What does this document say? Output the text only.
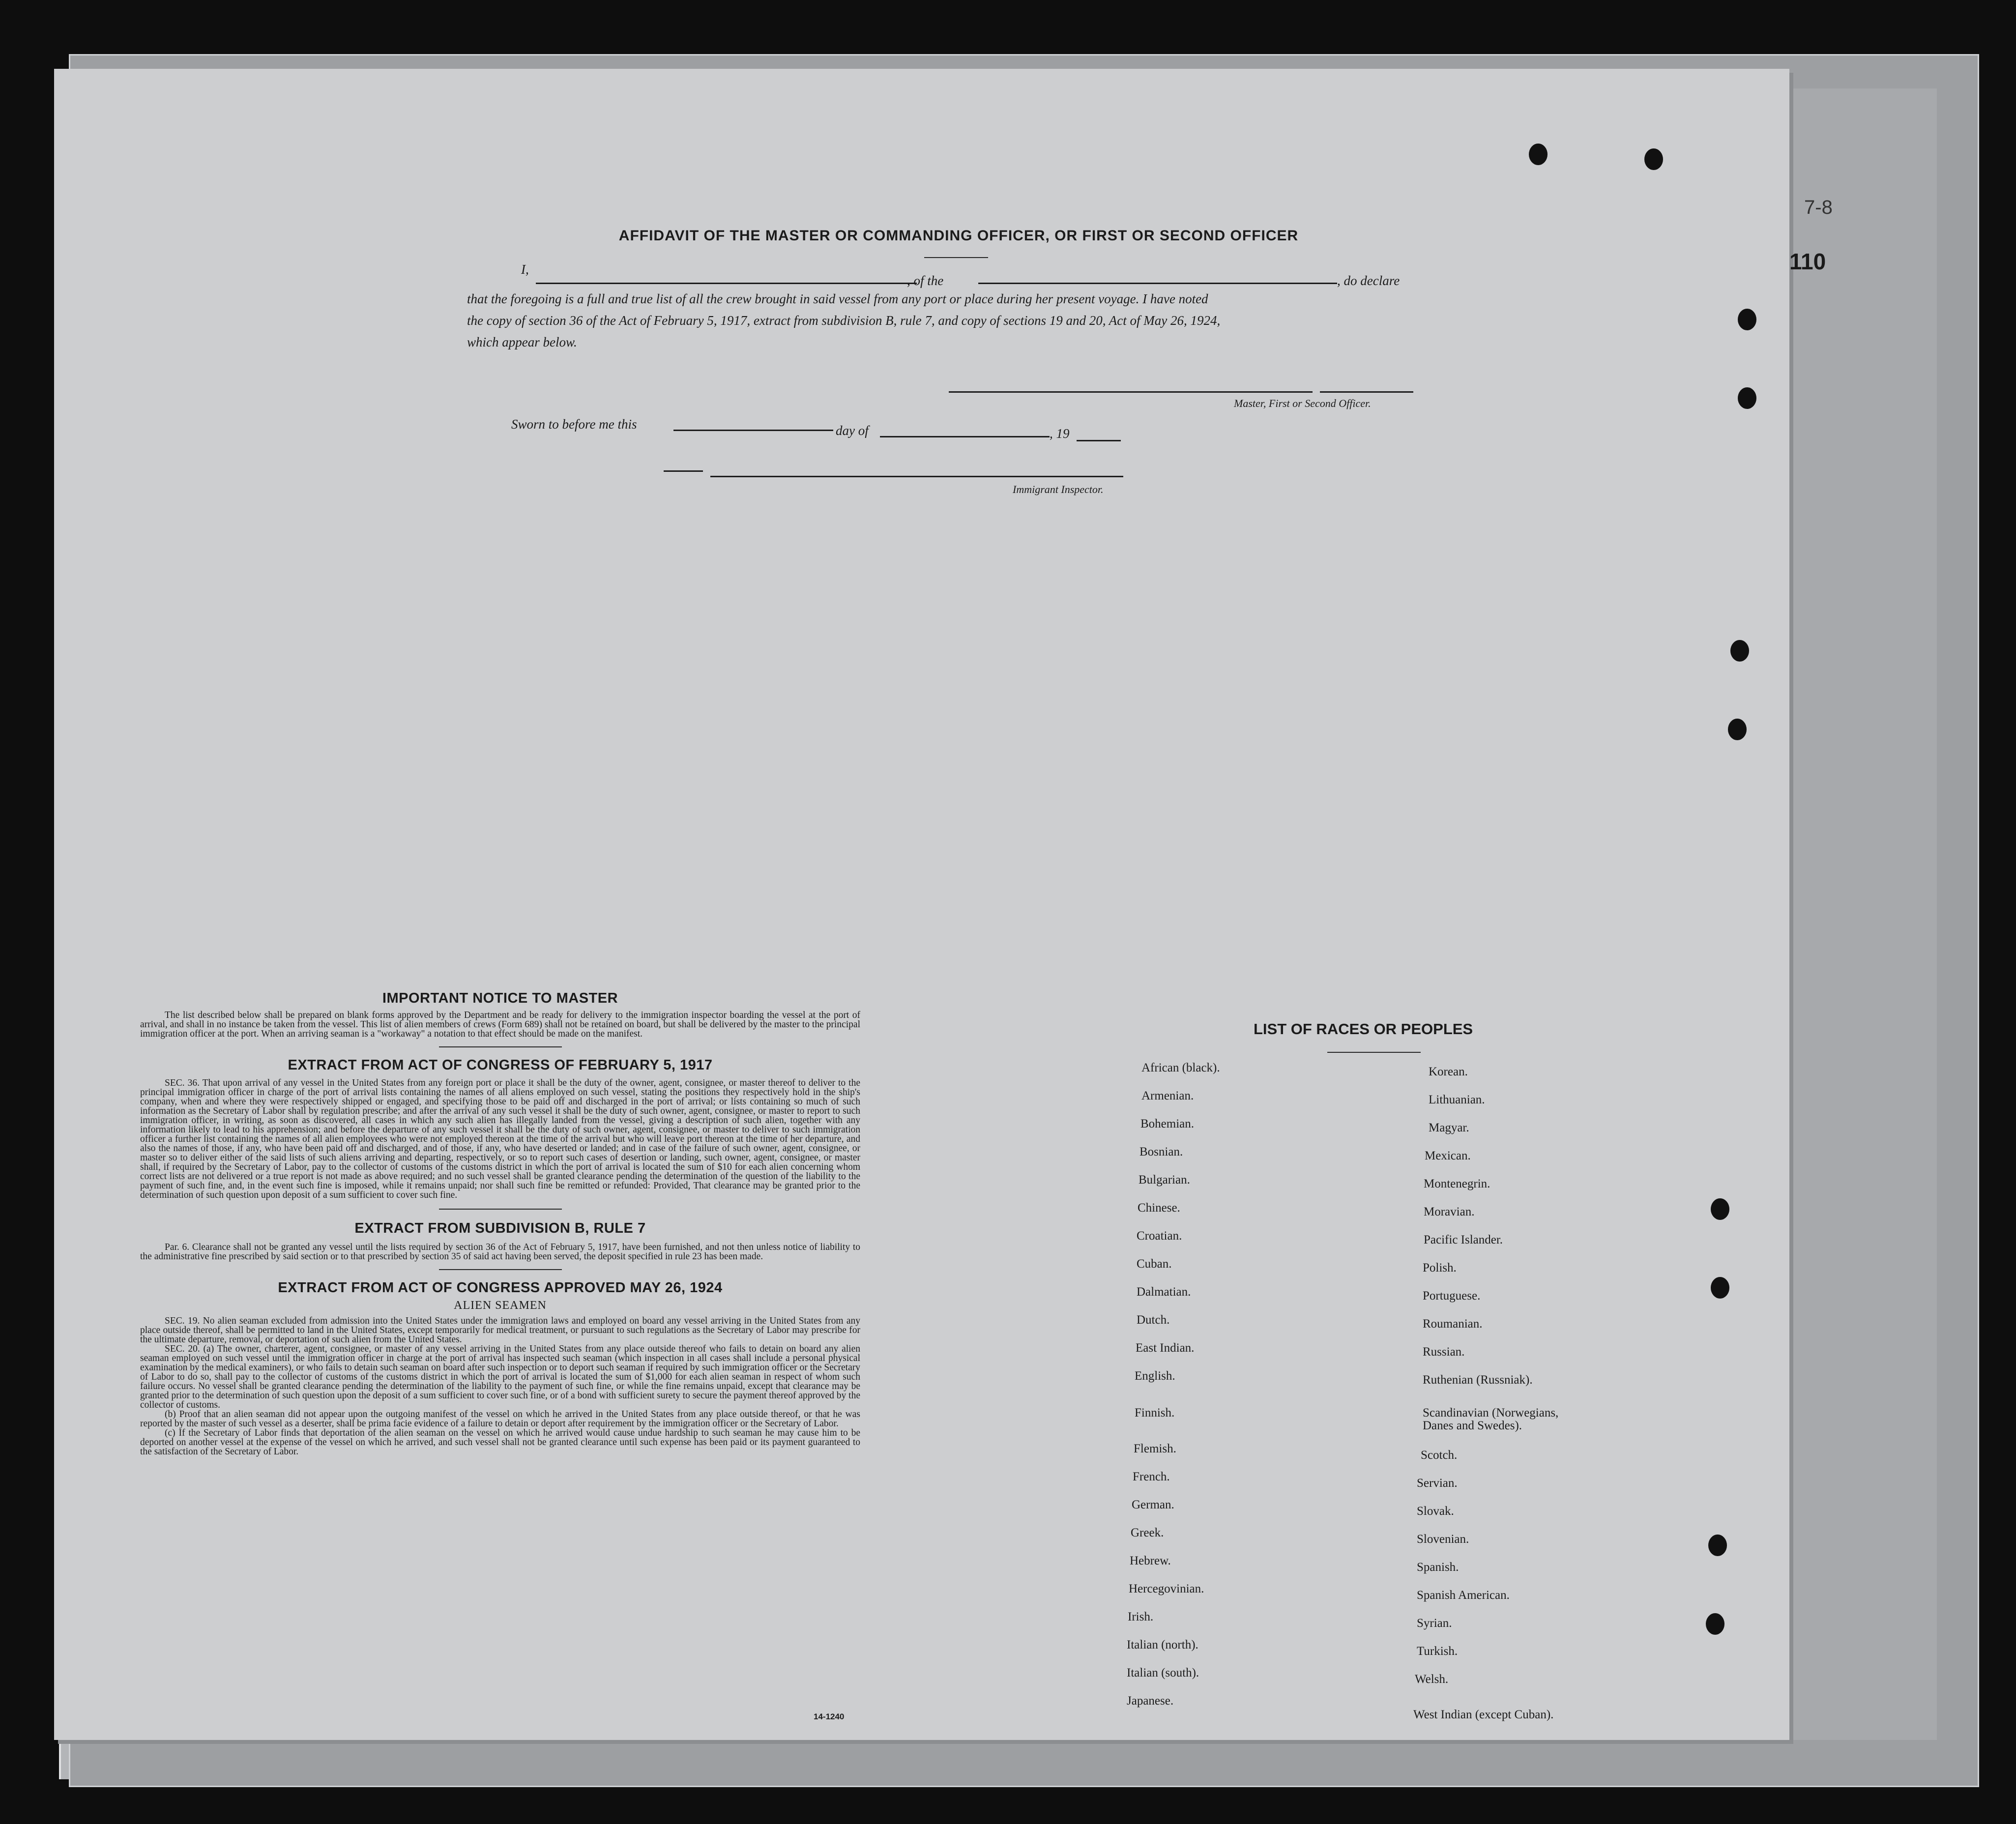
110
7-8
AFFIDAVIT OF THE MASTER OR COMMANDING OFFICER, OR FIRST OR SECOND OFFICER
I,
, of the	, do declare
that the foregoing is a full and true list of all the crew brought in said vessel from any port or place during her present voyage. I have noted
the copy of section 36 of the Act of February 5, 1917, extract from subdivision B, rule 7, and copy of sections 19 and 20, Act of May 26, 1924,
which appear below.
Master, First or Second Officer.
Sworn to before me this	day of	, 19
Immigrant Inspector.
IMPORTANT NOTICE TO MASTER

The list described below shall be prepared on blank forms approved by the Department and be ready for delivery to the immigration inspector boarding the vessel at the port of arrival, and shall in no instance be taken from the vessel. This list of alien members of crews (Form 689) shall not be retained on board, but shall be delivered by the master to the principal immigration officer at the port. When an arriving seaman is a "workaway" a notation to that effect should be made on the manifest.

EXTRACT FROM ACT OF CONGRESS OF FEBRUARY 5, 1917

SEC. 36. That upon arrival of any vessel in the United States from any foreign port or place it shall be the duty of the owner, agent, consignee, or master thereof to deliver to the principal immigration officer in charge of the port of arrival lists containing the names of all aliens employed on such vessel, stating the positions they respectively hold in the ship's company, when and where they were respectively shipped or engaged, and specifying those to be paid off and discharged in the port of arrival; or lists containing so much of such information as the Secretary of Labor shall by regulation prescribe; and after the arrival of any such vessel it shall be the duty of such owner, agent, consignee, or master to report to such immigration officer, in writing, as soon as discovered, all cases in which any such alien has illegally landed from the vessel, giving a description of such alien, together with any information likely to lead to his apprehension; and before the departure of any such vessel it shall be the duty of such owner, agent, consignee, or master to deliver to such immigration officer a further list containing the names of all alien employees who were not employed thereon at the time of the arrival but who will leave port thereon at the time of her departure, and also the names of those, if any, who have been paid off and discharged, and of those, if any, who have deserted or landed; and in case of the failure of such owner, agent, consignee, or master so to deliver either of the said lists of such aliens arriving and departing, respectively, or so to report such cases of desertion or landing, such owner, agent, consignee, or master shall, if required by the Secretary of Labor, pay to the collector of customs of the customs district in which the port of arrival is located the sum of $10 for each alien concerning whom correct lists are not delivered or a true report is not made as above required; and no such vessel shall be granted clearance pending the determination of the question of the liability to the payment of such fine, and, in the event such fine is imposed, while it remains unpaid; nor shall such fine be remitted or refunded: Provided, That clearance may be granted prior to the determination of such question upon deposit of a sum sufficient to cover such fine.

EXTRACT FROM SUBDIVISION B, RULE 7

Par. 6. Clearance shall not be granted any vessel until the lists required by section 36 of the Act of February 5, 1917, have been furnished, and not then unless notice of liability to the administrative fine prescribed by said section or to that prescribed by section 35 of said act having been served, the deposit specified in rule 23 has been made.

EXTRACT FROM ACT OF CONGRESS APPROVED MAY 26, 1924
ALIEN SEAMEN

SEC. 19. No alien seaman excluded from admission into the United States under the immigration laws and employed on board any vessel arriving in the United States from any place outside thereof, shall be permitted to land in the United States, except temporarily for medical treatment, or pursuant to such regulations as the Secretary of Labor may prescribe for the ultimate departure, removal, or deportation of such alien from the United States.

SEC. 20. (a) The owner, charterer, agent, consignee, or master of any vessel arriving in the United States from any place outside thereof who fails to detain on board any alien seaman employed on such vessel until the immigration officer in charge at the port of arrival has inspected such seaman (which inspection in all cases shall include a personal physical examination by the medical examiners), or who fails to detain such seaman on board after such inspection or to deport such seaman if required by such immigration officer or the Secretary of Labor to do so, shall pay to the collector of customs of the customs district in which the port of arrival is located the sum of $1,000 for each alien seaman in respect of whom such failure occurs. No vessel shall be granted clearance pending the determination of the liability to the payment of such fine, or while the fine remains unpaid, except that clearance may be granted prior to the determination of such question upon the deposit of a sum sufficient to cover such fine, or of a bond with sufficient surety to secure the payment thereof approved by the collector of customs.

(b) Proof that an alien seaman did not appear upon the outgoing manifest of the vessel on which he arrived in the United States from any place outside thereof, or that he was reported by the master of such vessel as a deserter, shall be prima facie evidence of a failure to detain or deport after requirement by the immigration officer or the Secretary of Labor.

(c) If the Secretary of Labor finds that deportation of the alien seaman on the vessel on which he arrived would cause undue hardship to such seaman he may cause him to be deported on another vessel at the expense of the vessel on which he arrived, and such vessel shall not be granted clearance until such expense has been paid or its payment guaranteed to the satisfaction of the Secretary of Labor.

14-1240
LIST OF RACES OR PEOPLES
African (black).
Armenian.
Bohemian.
Bosnian.
Bulgarian.
Chinese.
Croatian.
Cuban.
Dalmatian.
Dutch.
East Indian.
English.
Finnish.
Flemish.
French.
German.
Greek.
Hebrew.
Hercegovinian.
Irish.
Italian (north).
Italian (south).
Japanese.
Korean.
Lithuanian.
Magyar.
Mexican.
Montenegrin.
Moravian.
Pacific Islander.
Polish.
Portuguese.
Roumanian.
Russian.
Ruthenian (Russniak).
Scandinavian (Norwegians,
Danes and Swedes).
Scotch.
Servian.
Slovak.
Slovenian.
Spanish.
Spanish American.
Syrian.
Turkish.
Welsh.
West Indian (except Cuban).
